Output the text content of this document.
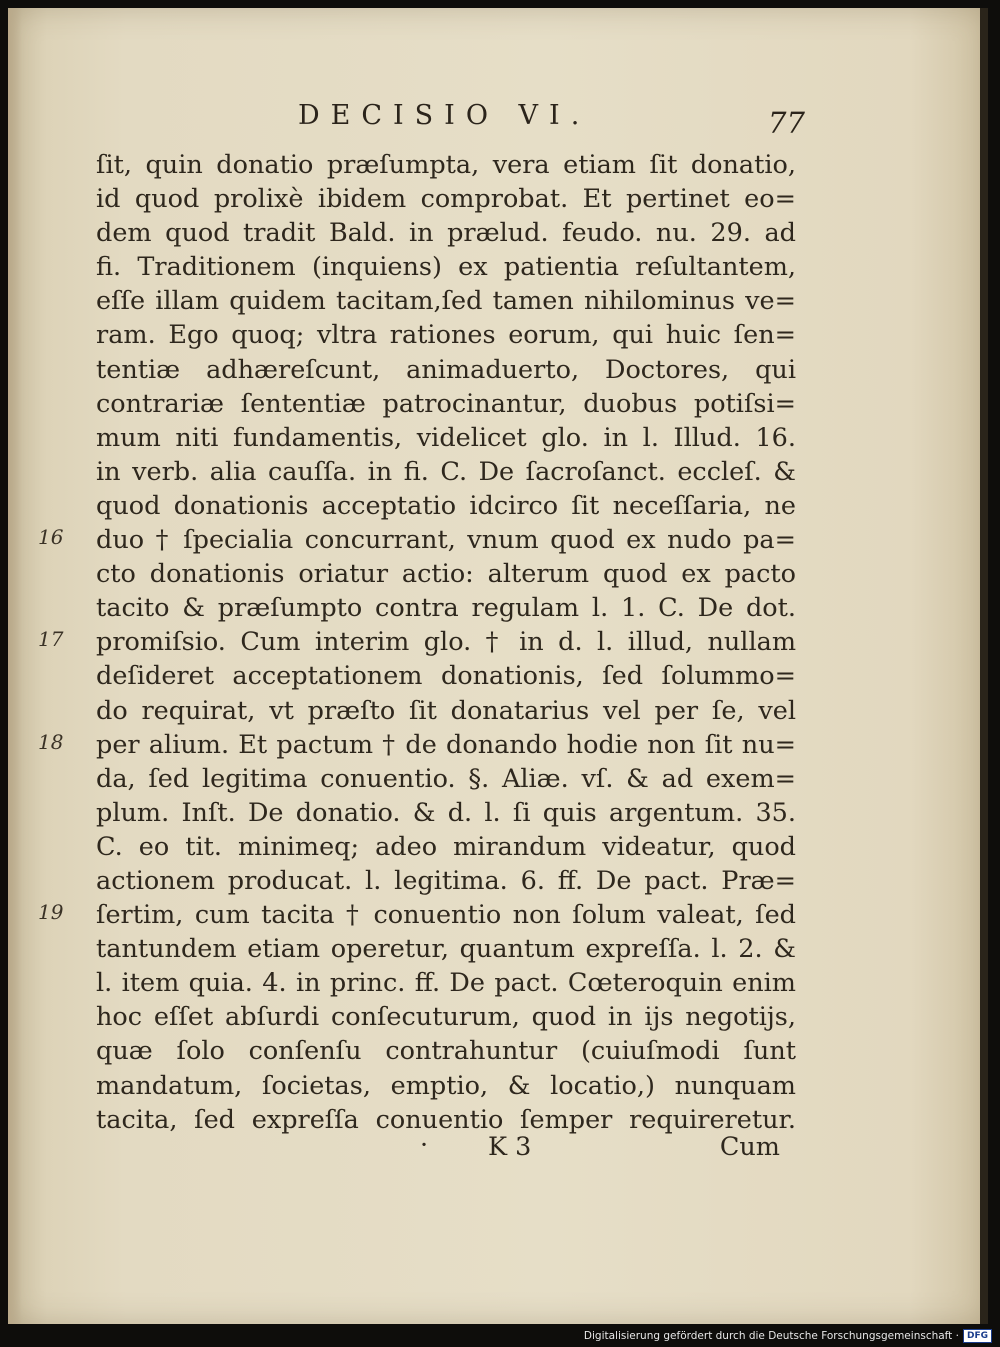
DECISIO VI.	77
ſit, quin donatio præſumpta, vera etiam ſit donatio,
id quod prolixè ibidem comprobat. Et pertinet eo=
dem quod tradit Bald. in prælud. feudo. nu. 29. ad
fi. Traditionem (inquiens) ex patientia reſultantem,
eſſe illam quidem tacitam,ſed tamen nihilominus ve=
ram. Ego quoq; vltra rationes eorum, qui huic ſen=
tentiæ adhæreſcunt, animaduerto, Doctores, qui
contrariæ ſententiæ patrocinantur, duobus potiſsi=
mum niti fundamentis, videlicet glo. in l. Illud. 16.
in verb. alia cauſſa. in fi. C. De ſacroſanct. eccleſ. &
quod donationis acceptatio idcirco ſit neceſſaria, ne
duo † ſpecialia concurrant, vnum quod ex nudo pa=
cto donationis oriatur actio: alterum quod ex pacto
tacito & præſumpto contra regulam l. 1. C. De dot.
promiſsio. Cum interim glo. † in d. l. illud, nullam
deſideret acceptationem donationis, ſed ſolummo=
do requirat, vt præſto ſit donatarius vel per ſe, vel
per alium. Et pactum † de donando hodie non ſit nu=
da, ſed legitima conuentio. §. Aliæ. vſ. & ad exem=
plum. Inſt. De donatio. & d. l. ſi quis argentum. 35.
C. eo tit. minimeq; adeo mirandum videatur, quod
actionem producat. l. legitima. 6. ff. De pact. Præ=
ſertim, cum tacita † conuentio non ſolum valeat, ſed
tantundem etiam operetur, quantum expreſſa. l. 2. &
l. item quia. 4. in princ. ff. De pact. Cœteroquin enim
hoc eſſet abſurdi conſecuturum, quod in ijs negotijs,
quæ ſolo conſenſu contrahuntur (cuiuſmodi ſunt
mandatum, ſocietas, emptio, & locatio,) nunquam
tacita, ſed expreſſa conuentio ſemper requireretur.
16
17
18
19
· K 3	Cum
Digitalisierung gefördert durch die Deutsche Forschungsgemeinschaft · DFG
